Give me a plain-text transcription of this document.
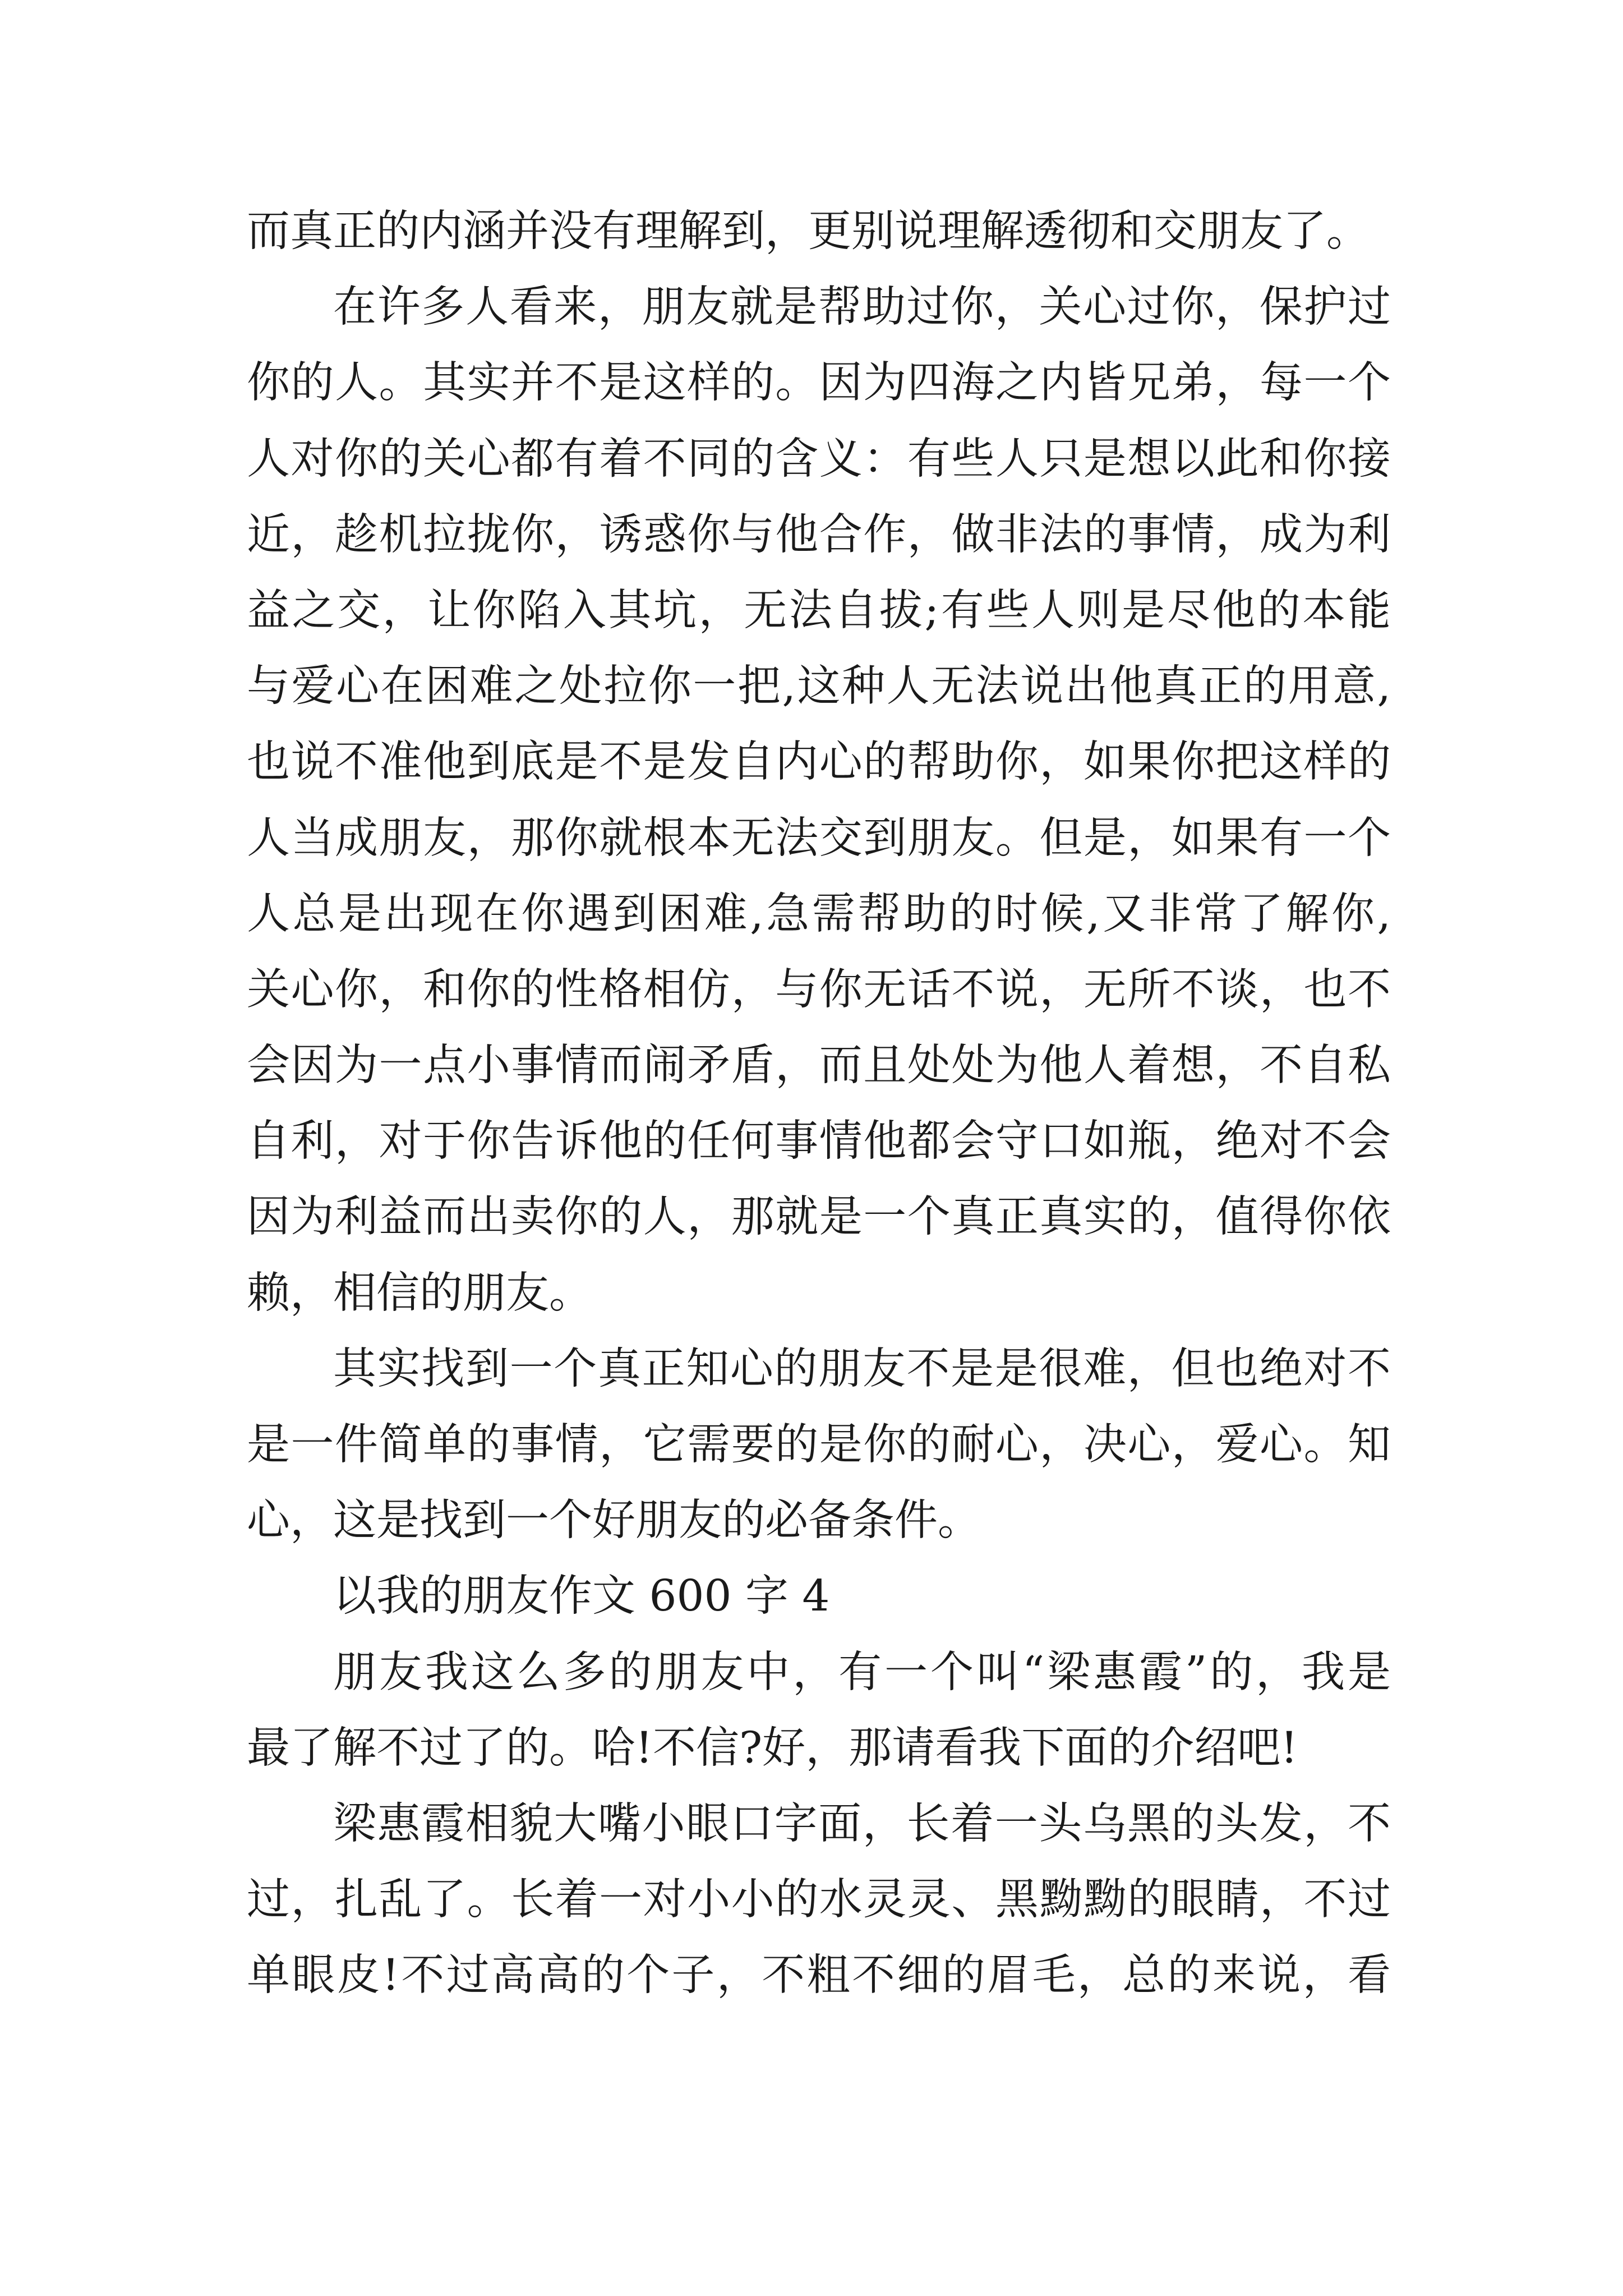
而真正的内涵并没有理解到，更别说理解透彻和交朋友了。
在许多人看来，朋友就是帮助过你，关心过你，保护过
你的人。其实并不是这样的。因为四海之内皆兄弟，每一个
人对你的关心都有着不同的含义：有些人只是想以此和你接
近，趁机拉拢你，诱惑你与他合作，做非法的事情，成为利
益之交，让你陷入其坑，无法自拔;有些人则是尽他的本能
与爱心在困难之处拉你一把,这种人无法说出他真正的用意,
也说不准他到底是不是发自内心的帮助你，如果你把这样的
人当成朋友，那你就根本无法交到朋友。但是，如果有一个
人总是出现在你遇到困难,急需帮助的时候,又非常了解你,
关心你，和你的性格相仿，与你无话不说，无所不谈，也不
会因为一点小事情而闹矛盾，而且处处为他人着想，不自私
自利，对于你告诉他的任何事情他都会守口如瓶，绝对不会
因为利益而出卖你的人，那就是一个真正真实的，值得你依
赖，相信的朋友。
其实找到一个真正知心的朋友不是是很难，但也绝对不
是一件简单的事情，它需要的是你的耐心，决心，爱心。知
心，这是找到一个好朋友的必备条件。
以我的朋友作文 600 字 4
朋友我这么多的朋友中，有一个叫“梁惠霞”的，我是
最了解不过了的。哈!不信?好，那请看我下面的介绍吧!
梁惠霞相貌大嘴小眼口字面，长着一头乌黑的头发，不
过，扎乱了。长着一对小小的水灵灵、黑黝黝的眼睛，不过
单眼皮!不过高高的个子，不粗不细的眉毛，总的来说，看
